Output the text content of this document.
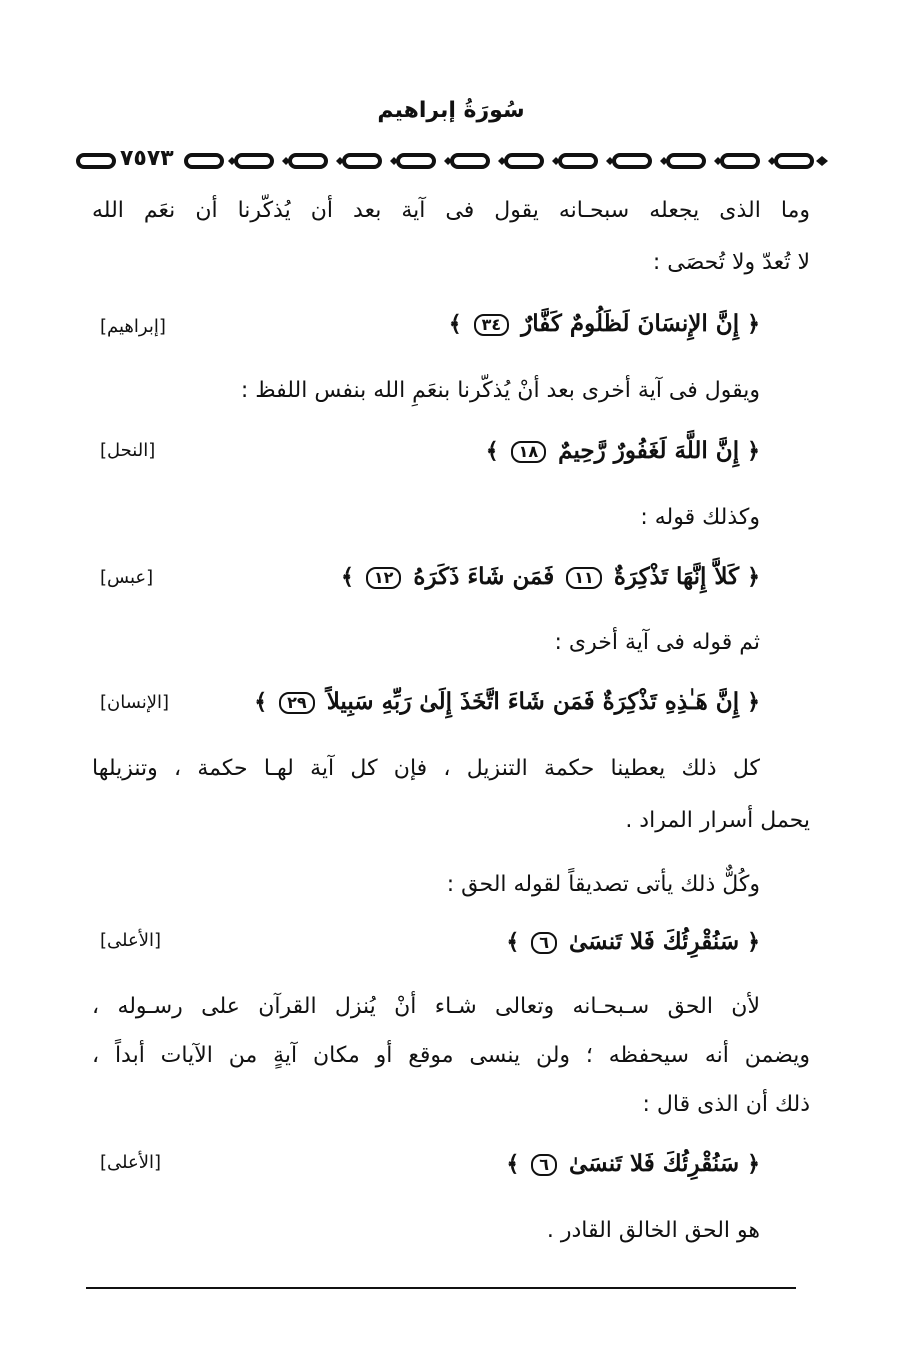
سُورَةُ إبراهيم
٧٥٧٣
وما الذى يجعله سبحـانه يقول فى آية بعد أن يُذكّرنا أن نعَم الله
لا تُعدّ ولا تُحصَى :
﴿ إِنَّ الإِنسَانَ لَظَلُومٌ كَفَّارٌ ٣٤ ﴾
[إبراهيم]
ويقول فى آية أخرى بعد أنْ يُذكّرنا بنعَمِ الله بنفس اللفظ :
﴿ إِنَّ اللَّهَ لَغَفُورٌ رَّحِيمٌ ١٨ ﴾
[النحل]
وكذلك قوله :
﴿ كَلاَّ إِنَّهَا تَذْكِرَةٌ ١١ فَمَن شَاءَ ذَكَرَهُ ١٢ ﴾
[عبس]
ثم قوله فى آية أخرى :
﴿ إِنَّ هَـٰذِهِ تَذْكِرَةٌ فَمَن شَاءَ اتَّخَذَ إِلَىٰ رَبِّهِ سَبِيلاً ٢٩ ﴾
[الإنسان]
كل ذلك يعطينا حكمة التنزيل ، فإن كل آية لهـا حكمة ، وتنزيلها
يحمل أسرار المراد .
وكُلٌّ ذلك يأتى تصديقاً لقوله الحق :
﴿ سَنُقْرِئُكَ فَلا تَنسَىٰ ٦ ﴾
[الأعلى]
لأن الحق سـبحـانه وتعالى شـاء أنْ يُنزل القرآن على رسـوله ،
ويضمن أنه سيحفظه ؛ ولن ينسى موقع أو مكان آيةٍ من الآيات أبداً ،
ذلك أن الذى قال :
﴿ سَنُقْرِئُكَ فَلا تَنسَىٰ ٦ ﴾
[الأعلى]
هو الحق الخالق القادر .
